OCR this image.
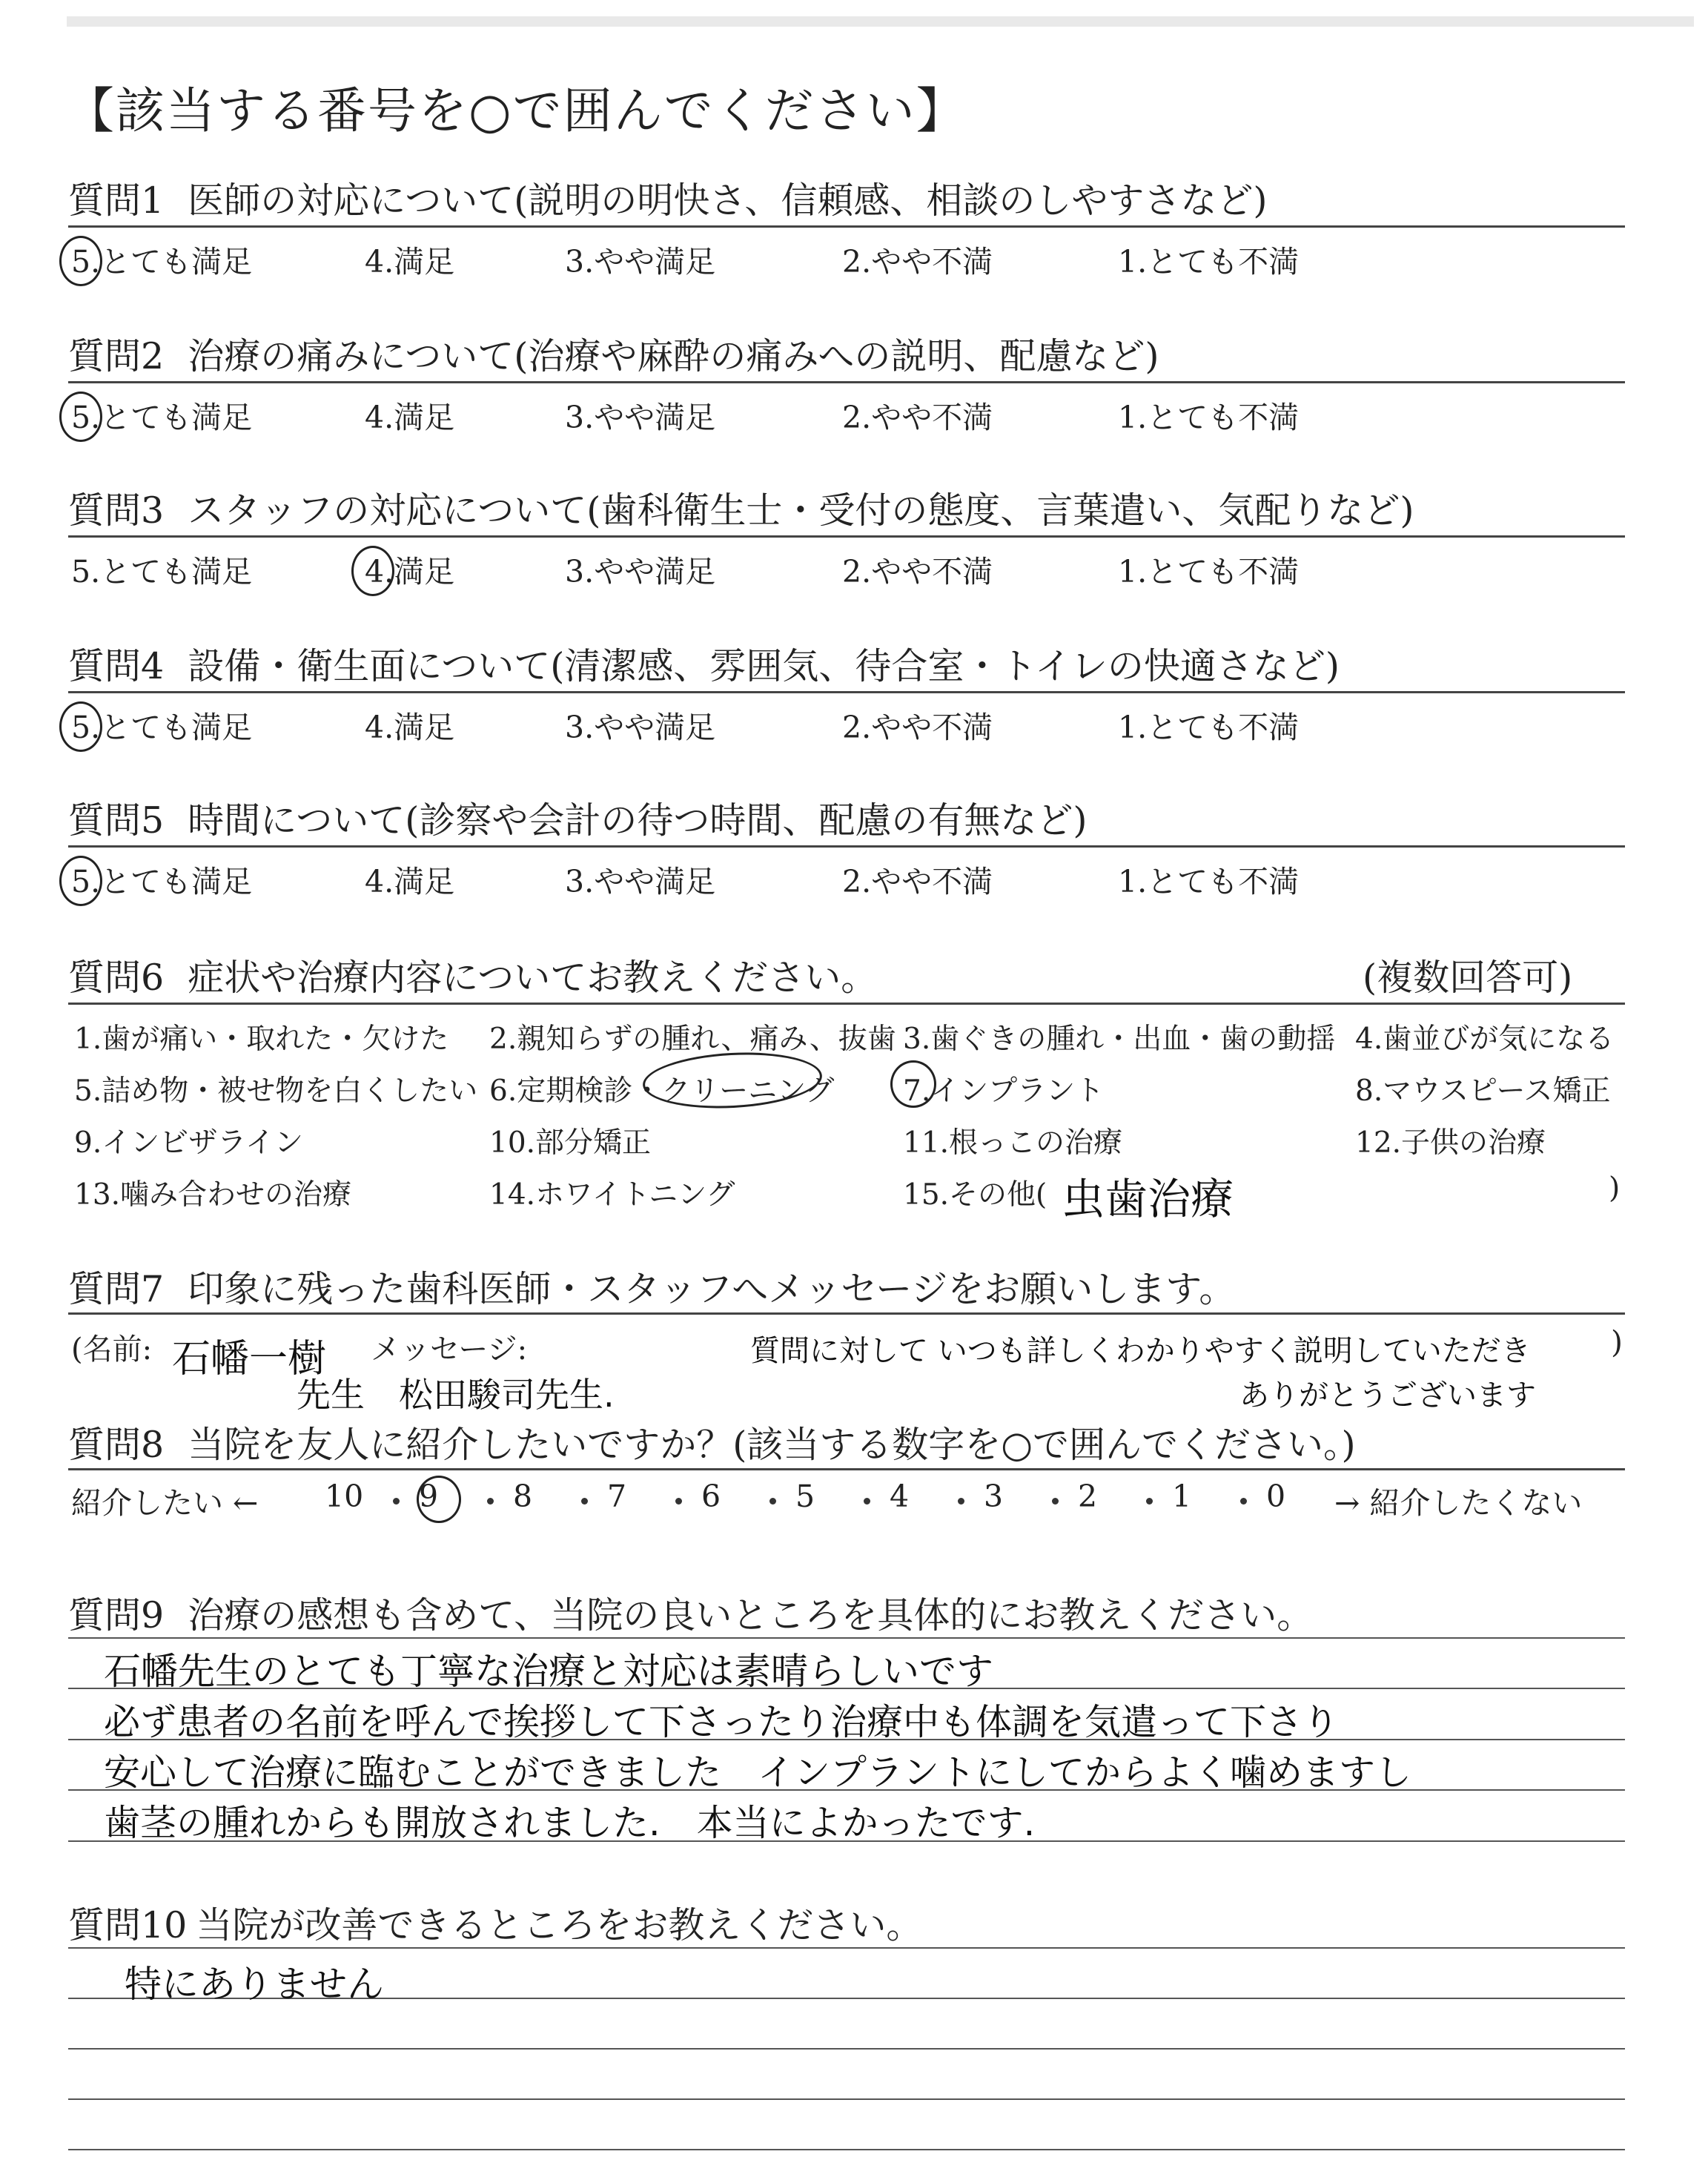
【該当する番号を○で囲んでください】
質問1 医師の対応について(説明の明快さ、信頼感、相談のしやすさなど)
5.とても満足	4.満足	3.やや満足	2.やや不満	1.とても不満
質問2 治療の痛みについて(治療や麻酔の痛みへの説明、配慮など)
5.とても満足	4.満足	3.やや満足	2.やや不満	1.とても不満
質問3 スタッフの対応について(歯科衛生士・受付の態度、言葉遣い、気配りなど)
5.とても満足	4.満足	3.やや満足	2.やや不満	1.とても不満
質問4 設備・衛生面について(清潔感、雰囲気、待合室・トイレの快適さなど)
5.とても満足	4.満足	3.やや満足	2.やや不満	1.とても不満
質問5 時間について(診察や会計の待つ時間、配慮の有無など)
5.とても満足	4.満足	3.やや満足	2.やや不満	1.とても不満
質問6 症状や治療内容についてお教えください。	(複数回答可)
1.歯が痛い・取れた・欠けた 2.親知らずの腫れ、痛み、抜歯 3.歯ぐきの腫れ・出血・歯の動揺 4.歯並びが気になる
5.詰め物・被せ物を白くしたい 6.定期検診・クリーニング 7.インプラント	8.マウスピース矯正
9.インビザライン	10.部分矯正	11.根っこの治療	12.子供の治療
13.噛み合わせの治療	14.ホワイトニング	15.その他(	)
虫歯治療
質問7 印象に残った歯科医師・スタッフへメッセージをお願いします。
(名前:	メッセージ:
石幡一樹
先生　松田駿司先生.
質問に対して いつも詳しくわかりやすく説明していただき
ありがとうございます
)
質問8 当院を友人に紹介したいですか？(該当する数字を○で囲んでください。)
紹介したい ←	→ 紹介したくない
10 9 8 7 6 5 4 3 2 1 0
質問9 治療の感想も含めて、当院の良いところを具体的にお教えください。
石幡先生のとても丁寧な治療と対応は素晴らしいです
必ず患者の名前を呼んで挨拶して下さったり治療中も体調を気遣って下さり
安心して治療に臨むことができました　インプラントにしてからよく噛めますし
歯茎の腫れからも開放されました.　本当によかったです.
質問10 当院が改善できるところをお教えください。
特にありません
